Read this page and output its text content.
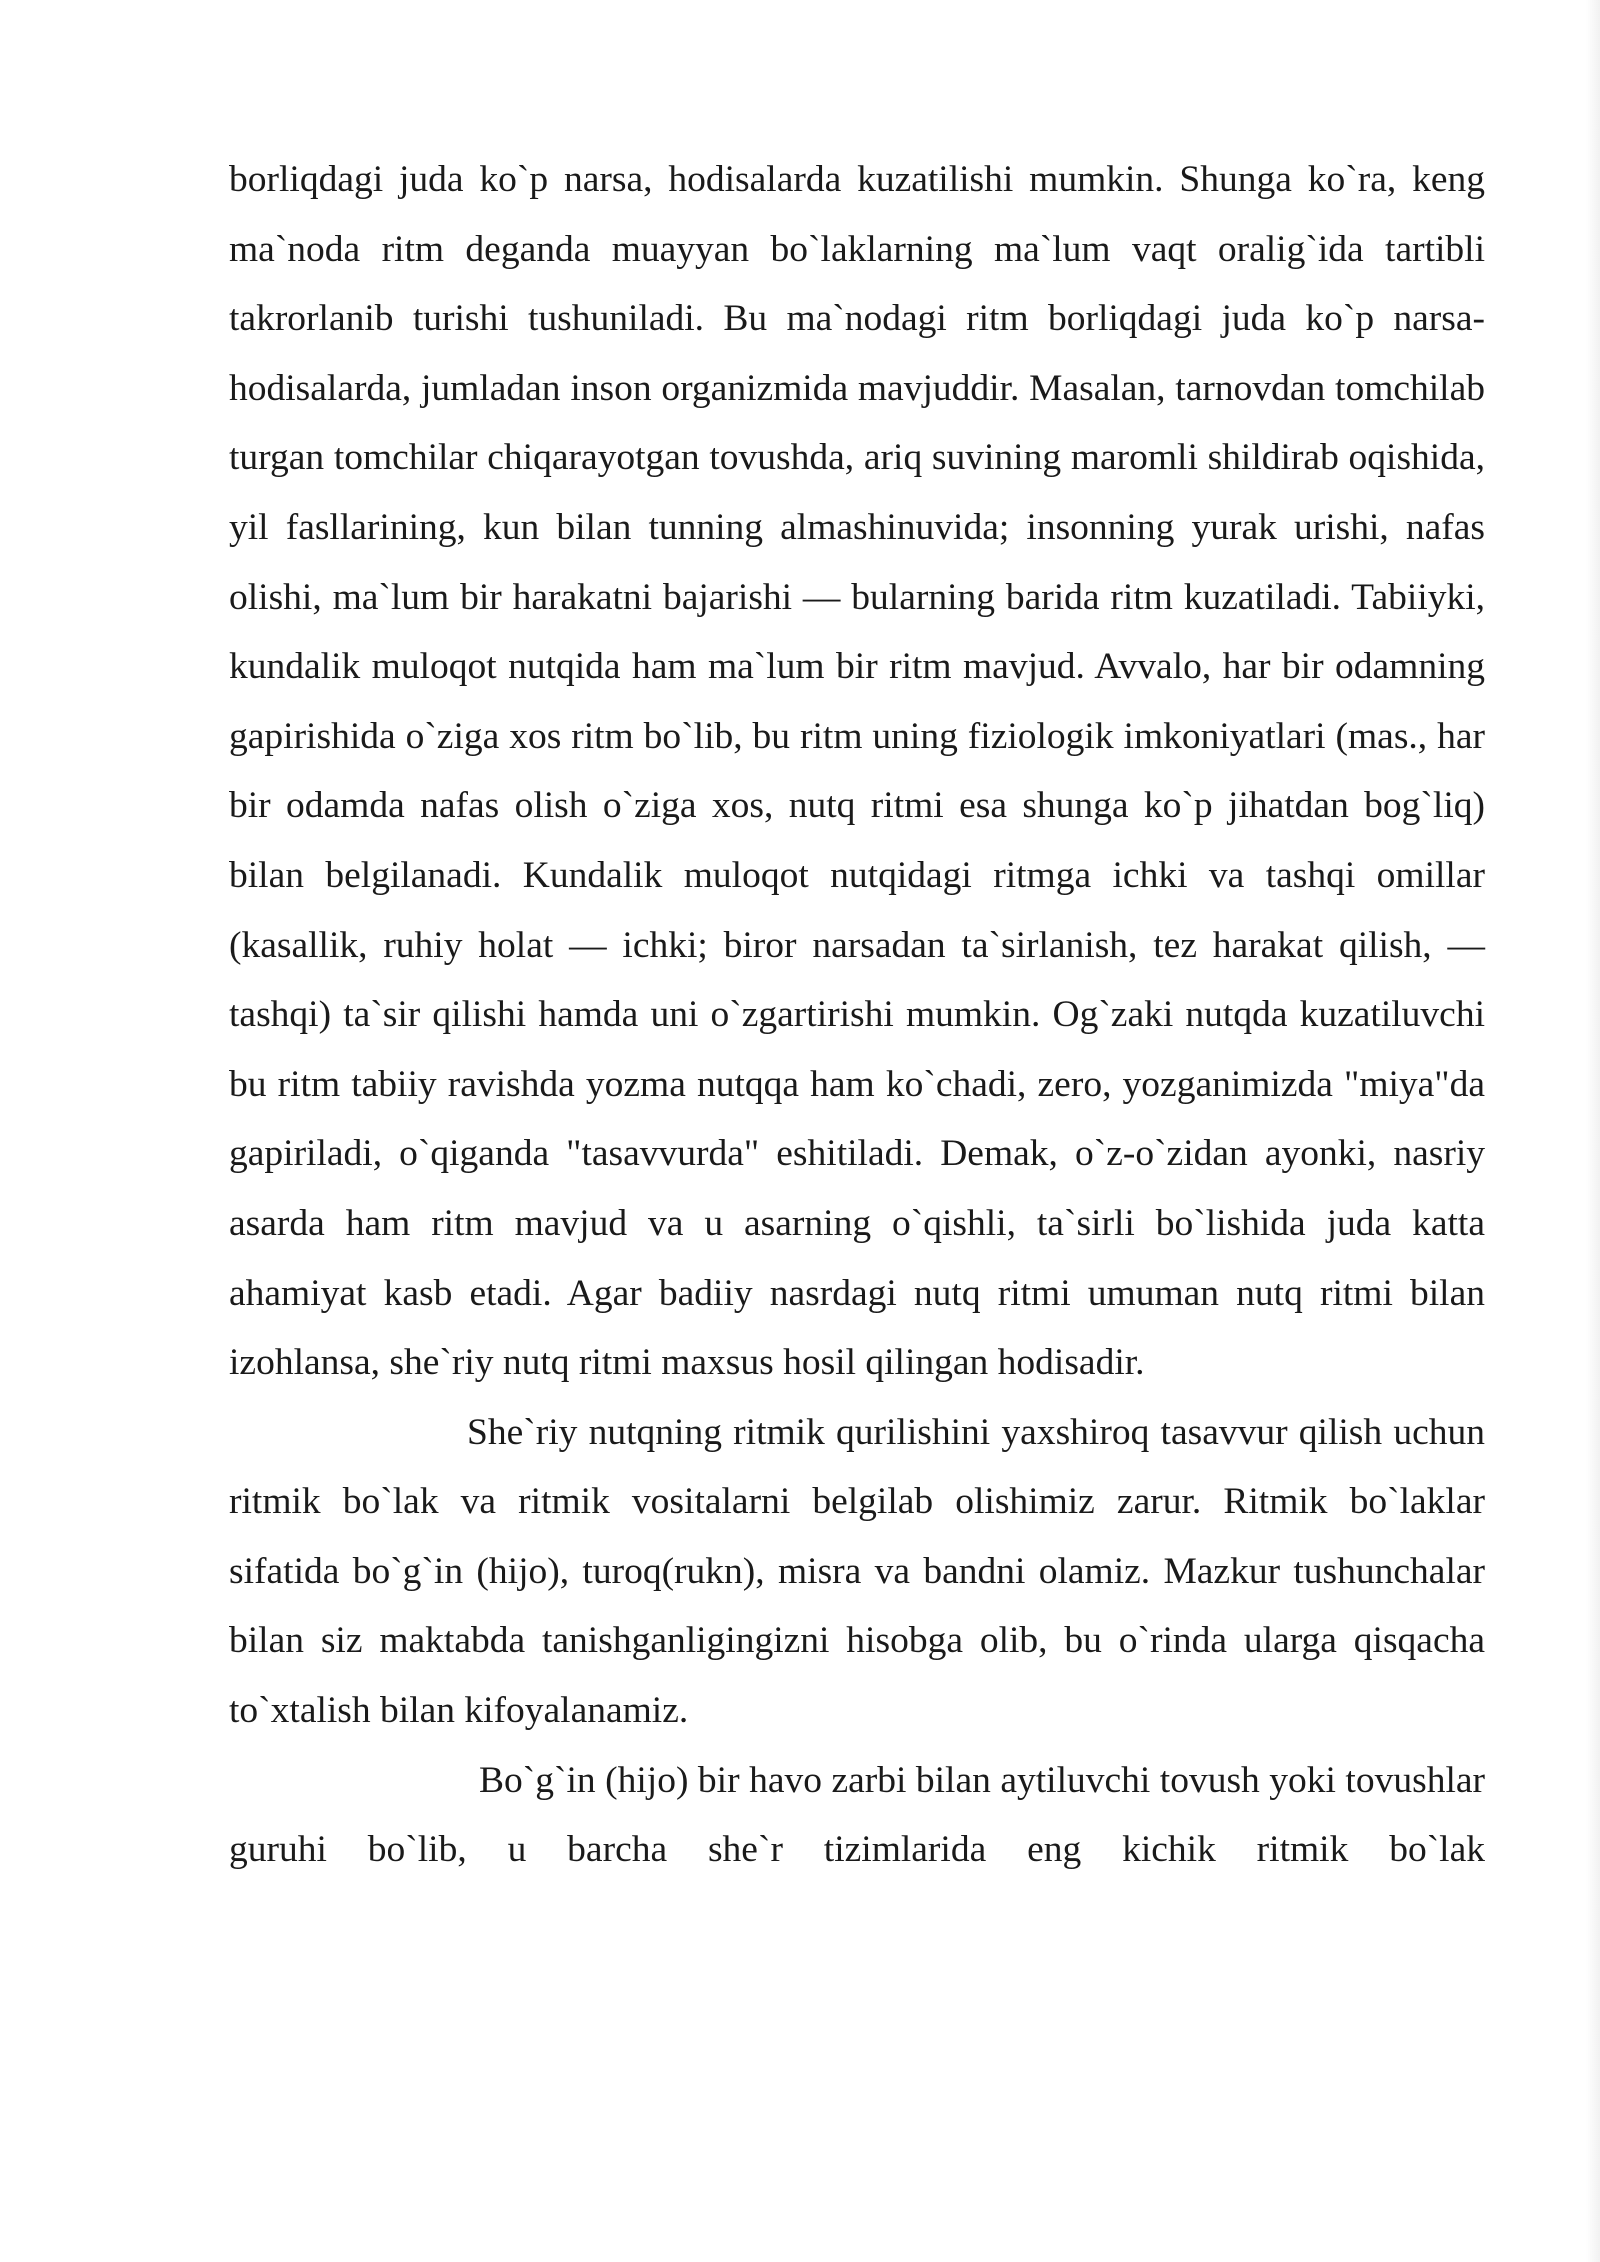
borliqdagi juda ko`p narsa, hodisalarda kuzatilishi mumkin. Shunga ko`ra, keng ma`noda ritm deganda muayyan bo`laklarning ma`lum vaqt oralig`ida tartibli takrorlanib turishi tushuniladi. Bu ma`nodagi ritm borliqdagi juda ko`p narsa-hodisalarda, jumladan inson organizmida mavjuddir. Masalan, tarnovdan tomchilab turgan tomchilar chiqarayotgan tovushda, ariq suvining maromli shildirab oqishida, yil fasllarining, kun bilan tunning almashinuvida; insonning yurak urishi, nafas olishi, ma`lum bir harakatni bajarishi — bularning barida ritm kuzatiladi. Tabiiyki, kundalik muloqot nutqida ham ma`lum bir ritm mavjud. Avvalo, har bir odamning gapirishida o`ziga xos ritm bo`lib, bu ritm uning fiziologik imkoniyatlari (mas., har bir odamda nafas olish o`ziga xos, nutq ritmi esa shunga ko`p jihatdan bog`liq) bilan belgilanadi. Kundalik muloqot nutqidagi ritmga ichki va tashqi omillar (kasallik, ruhiy holat — ichki; biror narsadan ta`sirlanish, tez harakat qilish, — tashqi) ta`sir qilishi hamda uni o`zgartirishi mumkin. Og`zaki nutqda kuzatiluvchi bu ritm tabiiy ravishda yozma nutqqa ham ko`chadi, zero, yozganimizda "miya"da gapiriladi, o`qiganda "tasavvurda" eshitiladi. Demak, o`z-o`zidan ayonki, nasriy asarda ham ritm mavjud va u asarning o`qishli, ta`sirli bo`lishida juda katta ahamiyat kasb etadi. Agar badiiy nasrdagi nutq ritmi umuman nutq ritmi bilan izohlansa, she`riy nutq ritmi maxsus hosil qilingan hodisadir.

She`riy nutqning ritmik qurilishini yaxshiroq tasavvur qilish uchun ritmik bo`lak va ritmik vositalarni belgilab olishimiz zarur. Ritmik bo`laklar sifatida bo`g`in (hijo), turoq(rukn), misra va bandni olamiz. Mazkur tushunchalar bilan siz maktabda tanishganligingizni hisobga olib, bu o`rinda ularga qisqacha to`xtalish bilan kifoyalanamiz.

Bo`g`in (hijo) bir havo zarbi bilan aytiluvchi tovush yoki tovushlar guruhi bo`lib, u barcha she`r tizimlarida eng kichik ritmik bo`lak
